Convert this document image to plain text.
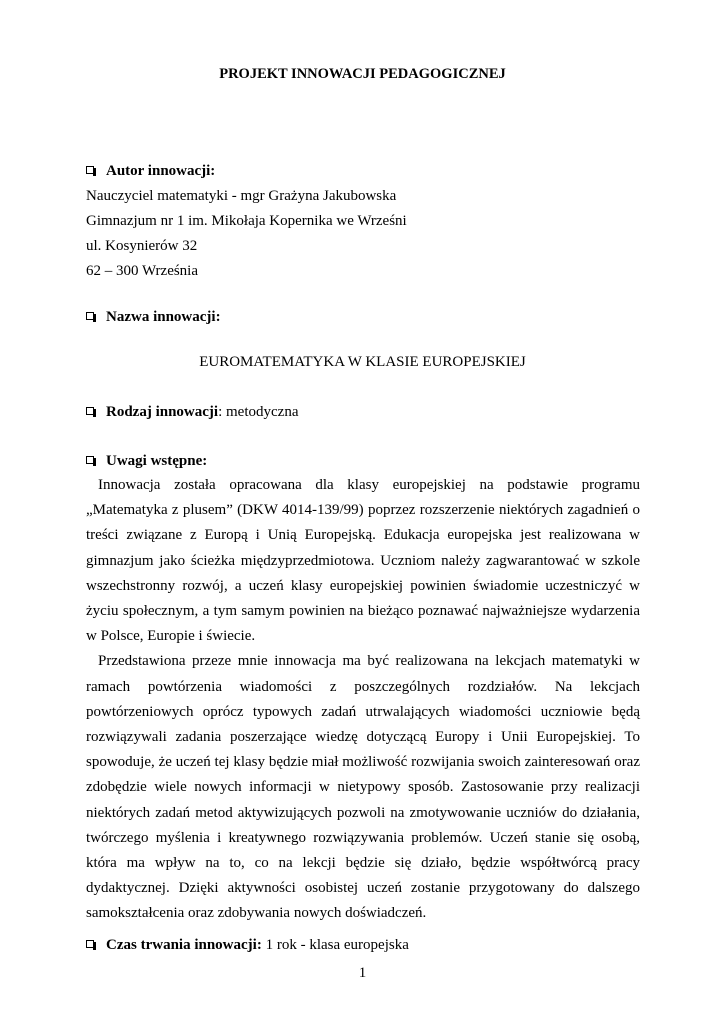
PROJEKT INNOWACJI PEDAGOGICZNEJ
Autor innowacji:
Nauczyciel matematyki - mgr Grażyna Jakubowska
Gimnazjum nr 1 im. Mikołaja Kopernika we Wrześni
ul. Kosynierów 32
62 – 300 Września
Nazwa innowacji:
EUROMATEMATYKA W KLASIE EUROPEJSKIEJ
Rodzaj innowacji: metodyczna
Uwagi wstępne:

Innowacja została opracowana dla klasy europejskiej na podstawie programu „Matematyka z plusem” (DKW 4014-139/99) poprzez rozszerzenie niektórych zagadnień o treści związane z Europą i Unią Europejską. Edukacja europejska jest realizowana w gimnazjum jako ścieżka międzyprzedmiotowa. Uczniom należy zagwarantować w szkole wszechstronny rozwój, a uczeń klasy europejskiej powinien świadomie uczestniczyć w życiu społecznym, a tym samym powinien na bieżąco poznawać najważniejsze wydarzenia w Polsce, Europie i świecie.

Przedstawiona przeze mnie innowacja ma być realizowana na lekcjach matematyki w ramach powtórzenia wiadomości z poszczególnych rozdziałów. Na lekcjach powtórzeniowych oprócz typowych zadań utrwalających wiadomości uczniowie będą rozwiązywali zadania poszerzające wiedzę dotyczącą Europy i Unii Europejskiej. To spowoduje, że uczeń tej klasy będzie miał możliwość rozwijania swoich zainteresowań oraz zdobędzie wiele nowych informacji w nietypowy sposób. Zastosowanie przy realizacji niektórych zadań metod aktywizujących pozwoli na zmotywowanie uczniów do działania, twórczego myślenia i kreatywnego rozwiązywania problemów. Uczeń stanie się osobą, która ma wpływ na to, co na lekcji będzie się działo, będzie współtwórcą pracy dydaktycznej. Dzięki aktywności osobistej uczeń zostanie przygotowany do dalszego samokształcenia oraz zdobywania nowych doświadczeń.

Czas trwania innowacji: 1 rok - klasa europejska
1
